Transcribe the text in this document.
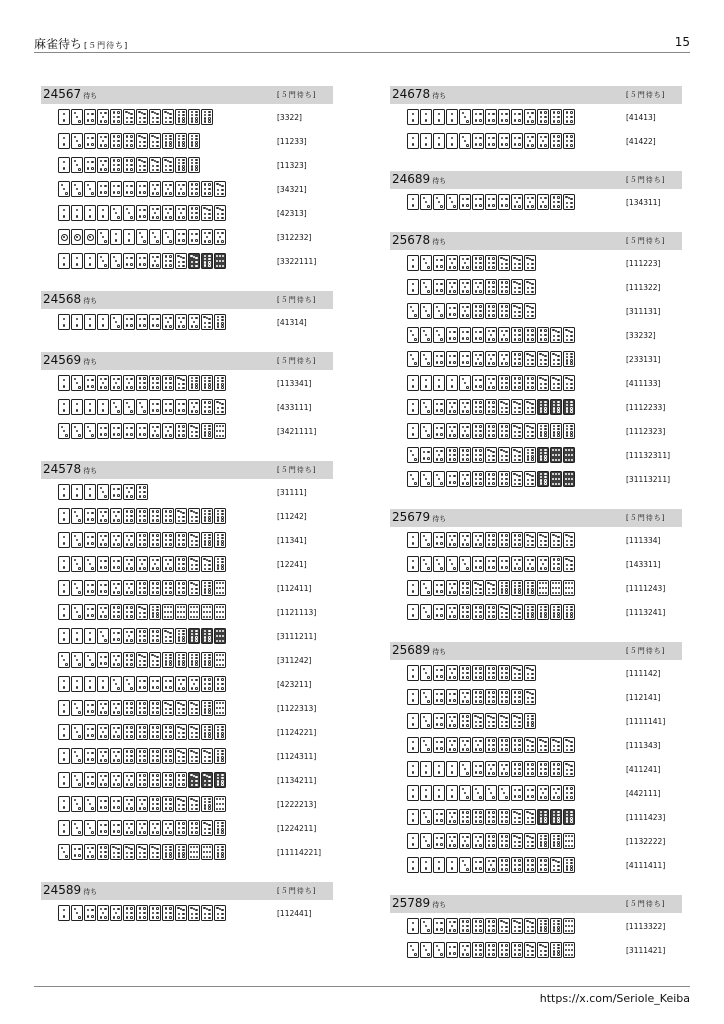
麻雀待ち [５門待ち]	15
24567 待ち	[５門待ち]
[3322]
[11233]
[11323]
[34321]
[42313]
[312232]
[3322111]
24568 待ち	[５門待ち]
[41314]
24569 待ち	[５門待ち]
[113341]
[433111]
[3421111]
24578 待ち	[５門待ち]
[31111]
[11242]
[11341]
[12241]
[112411]
[1121113]
[3111211]
[311242]
[423211]
[1122313]
[1124221]
[1124311]
[1134211]
[1222213]
[1224211]
[11114221]
24589 待ち	[５門待ち]
[112441]
24678 待ち	[５門待ち]
[41413]
[41422]
24689 待ち	[５門待ち]
[134311]
25678 待ち	[５門待ち]
[111223]
[111322]
[311131]
[33232]
[233131]
[411133]
[1112233]
[1112323]
[11132311]
[31113211]
25679 待ち	[５門待ち]
[111334]
[143311]
[1111243]
[1113241]
25689 待ち	[５門待ち]
[111142]
[112141]
[1111141]
[111343]
[411241]
[442111]
[1111423]
[1132222]
[4111411]
25789 待ち	[５門待ち]
[1113322]
[3111421]
https://x.com/Seriole_Keiba
